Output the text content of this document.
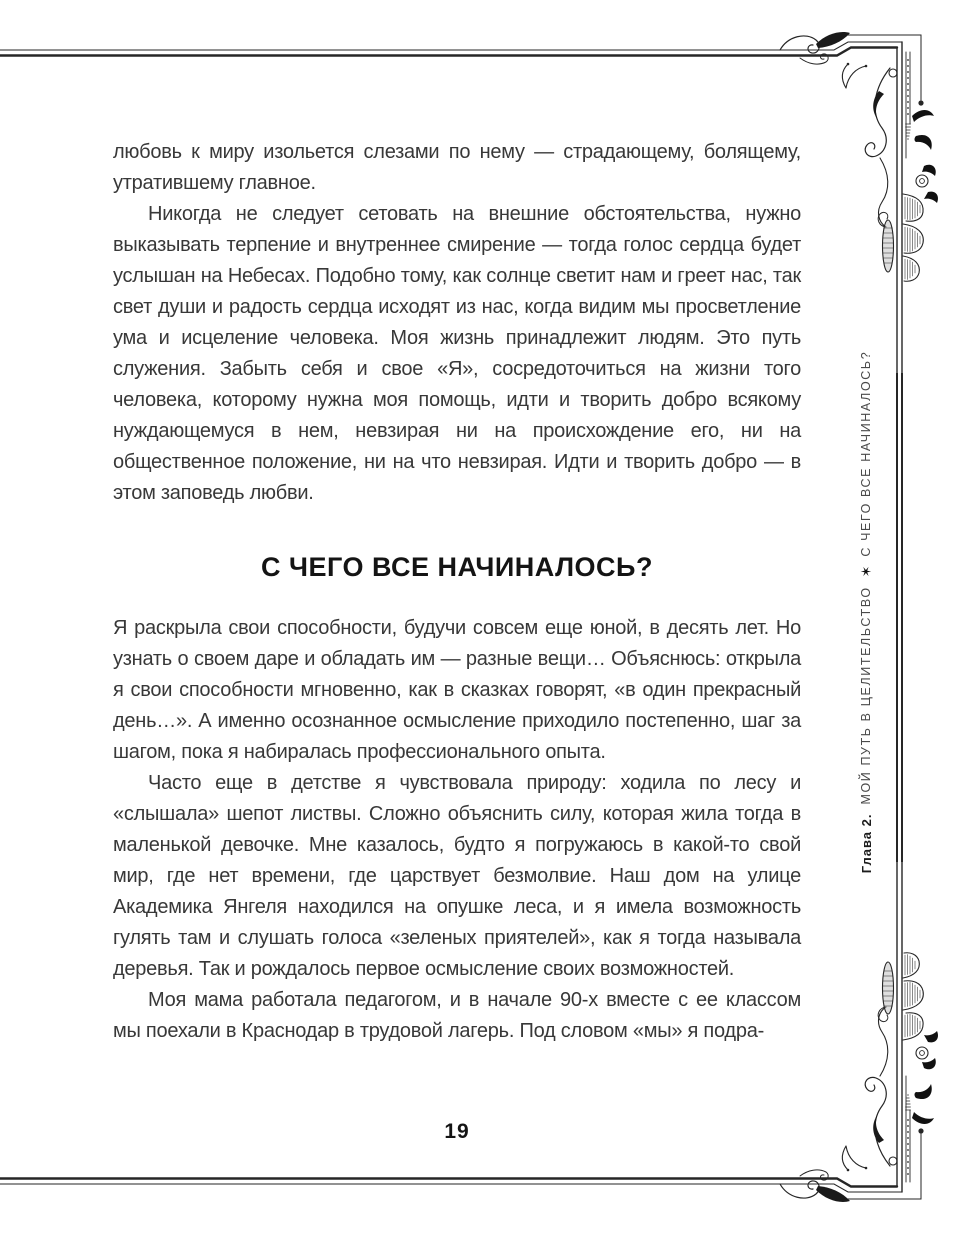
любовь к миру изольется слезами по нему — страдающему, болящему, утратившему главное.

Никогда не следует сетовать на внешние обстоятельства, нужно выказывать терпение и внутреннее смирение — тогда голос сердца будет услышан на Небесах. Подобно тому, как солнце светит нам и греет нас, так свет души и радость сердца исходят из нас, когда видим мы просветление ума и исцеление человека. Моя жизнь принадлежит людям. Это путь служения. Забыть себя и свое «Я», сосредоточиться на жизни того человека, которому нужна моя помощь, идти и творить добро всякому нуждающемуся в нем, невзирая ни на происхождение его, ни на общественное положение, ни на что невзирая. Идти и творить добро — в этом заповедь любви.

С ЧЕГО ВСЕ НАЧИНАЛОСЬ?

Я раскрыла свои способности, будучи совсем еще юной, в десять лет. Но узнать о своем даре и обладать им — разные вещи… Объяснюсь: открыла я свои способности мгновенно, как в сказках говорят, «в один прекрасный день…». А именно осознанное осмысление приходило постепенно, шаг за шагом, пока я набиралась профессионального опыта.

Часто еще в детстве я чувствовала природу: ходила по лесу и «слышала» шепот листвы. Сложно объяснить силу, которая жила тогда в маленькой девочке. Мне казалось, будто я погружаюсь в какой-то свой мир, где нет времени, где царствует безмолвие. Наш дом на улице Академика Янгеля находился на опушке леса, и я имела возможность гулять там и слушать голоса «зеленых приятелей», как я тогда называла деревья. Так и рождалось первое осмысление своих возможностей.

Моя мама работала педагогом, и в начале 90-х вместе с ее классом мы поехали в Краснодар в трудовой лагерь. Под словом «мы» я подра-

Глава 2.
МОЙ ПУТЬ В ЦЕЛИТЕЛЬСТВО
✶
С ЧЕГО ВСЕ НАЧИНАЛОСЬ?
19
